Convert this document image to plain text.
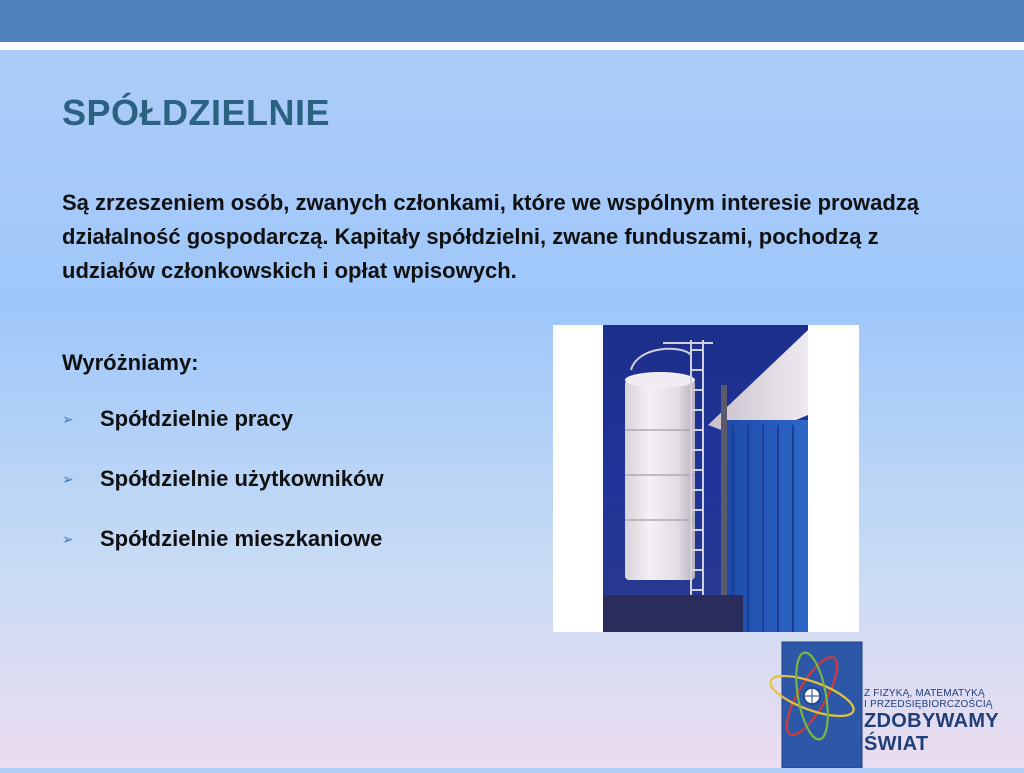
SPÓŁDZIELNIE

Są zrzeszeniem osób, zwanych członkami, które we wspólnym interesie prowadzą działalność gospodarczą. Kapitały spółdzielni, zwane funduszami, pochodzą z udziałów członkowskich i opłat wpisowych.

Wyróżniamy:

➢	Spółdzielnie pracy
➢	Spółdzielnie użytkowników
➢	Spółdzielnie mieszkaniowe
Z FIZYKĄ, MATEMATYKĄ
I PRZEDSIĘBIORCZOŚCIĄ
ZDOBYWAMY
ŚWIAT
